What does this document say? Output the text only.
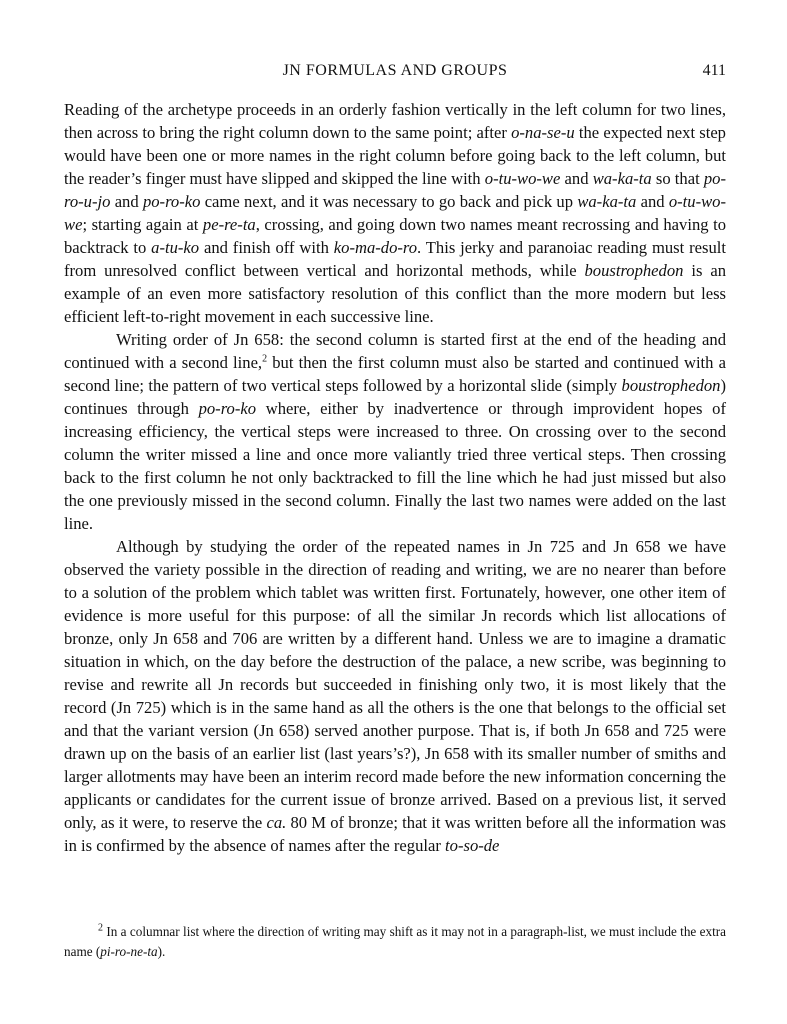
JN FORMULAS AND GROUPS	411

Reading of the archetype proceeds in an orderly fashion vertically in the left column for two lines, then across to bring the right column down to the same point; after o-na-se-u the expected next step would have been one or more names in the right column before going back to the left column, but the reader’s finger must have slipped and skipped the line with o-tu-wo-we and wa-ka-ta so that po-ro-u-jo and po-ro-ko came next, and it was necessary to go back and pick up wa-ka-ta and o-tu-wo-we; starting again at pe-re-ta, crossing, and going down two names meant recrossing and having to backtrack to a-tu-ko and finish off with ko-ma-do-ro. This jerky and paranoiac reading must result from unresolved conflict between vertical and horizontal methods, while boustrophedon is an example of an even more satisfactory resolution of this conflict than the more modern but less efficient left-to-right movement in each successive line.

Writing order of Jn 658: the second column is started first at the end of the heading and continued with a second line,$^2$ but then the first column must also be started and continued with a second line; the pattern of two vertical steps followed by a horizontal slide (simply boustrophedon) continues through po-ro-ko where, either by inadvertence or through improvident hopes of increasing efficiency, the vertical steps were increased to three. On crossing over to the second column the writer missed a line and once more valiantly tried three vertical steps. Then crossing back to the first column he not only backtracked to fill the line which he had just missed but also the one previously missed in the second column. Finally the last two names were added on the last line.

Although by studying the order of the repeated names in Jn 725 and Jn 658 we have observed the variety possible in the direction of reading and writing, we are no nearer than before to a solution of the problem which tablet was written first. Fortunately, however, one other item of evidence is more useful for this purpose: of all the similar Jn records which list allocations of bronze, only Jn 658 and 706 are written by a different hand. Unless we are to imagine a dramatic situation in which, on the day before the destruction of the palace, a new scribe, was beginning to revise and rewrite all Jn records but succeeded in finishing only two, it is most likely that the record (Jn 725) which is in the same hand as all the others is the one that belongs to the official set and that the variant version (Jn 658) served another purpose. That is, if both Jn 658 and 725 were drawn up on the basis of an earlier list (last years’s?), Jn 658 with its smaller number of smiths and larger allotments may have been an interim record made before the new information concerning the applicants or candidates for the current issue of bronze arrived. Based on a previous list, it served only, as it were, to reserve the ca. 80 M of bronze; that it was written before all the information was in is confirmed by the absence of names after the regular to-so-de

$^2$ In a columnar list where the direction of writing may shift as it may not in a paragraph-list, we must include the extra name (pi-ro-ne-ta).
